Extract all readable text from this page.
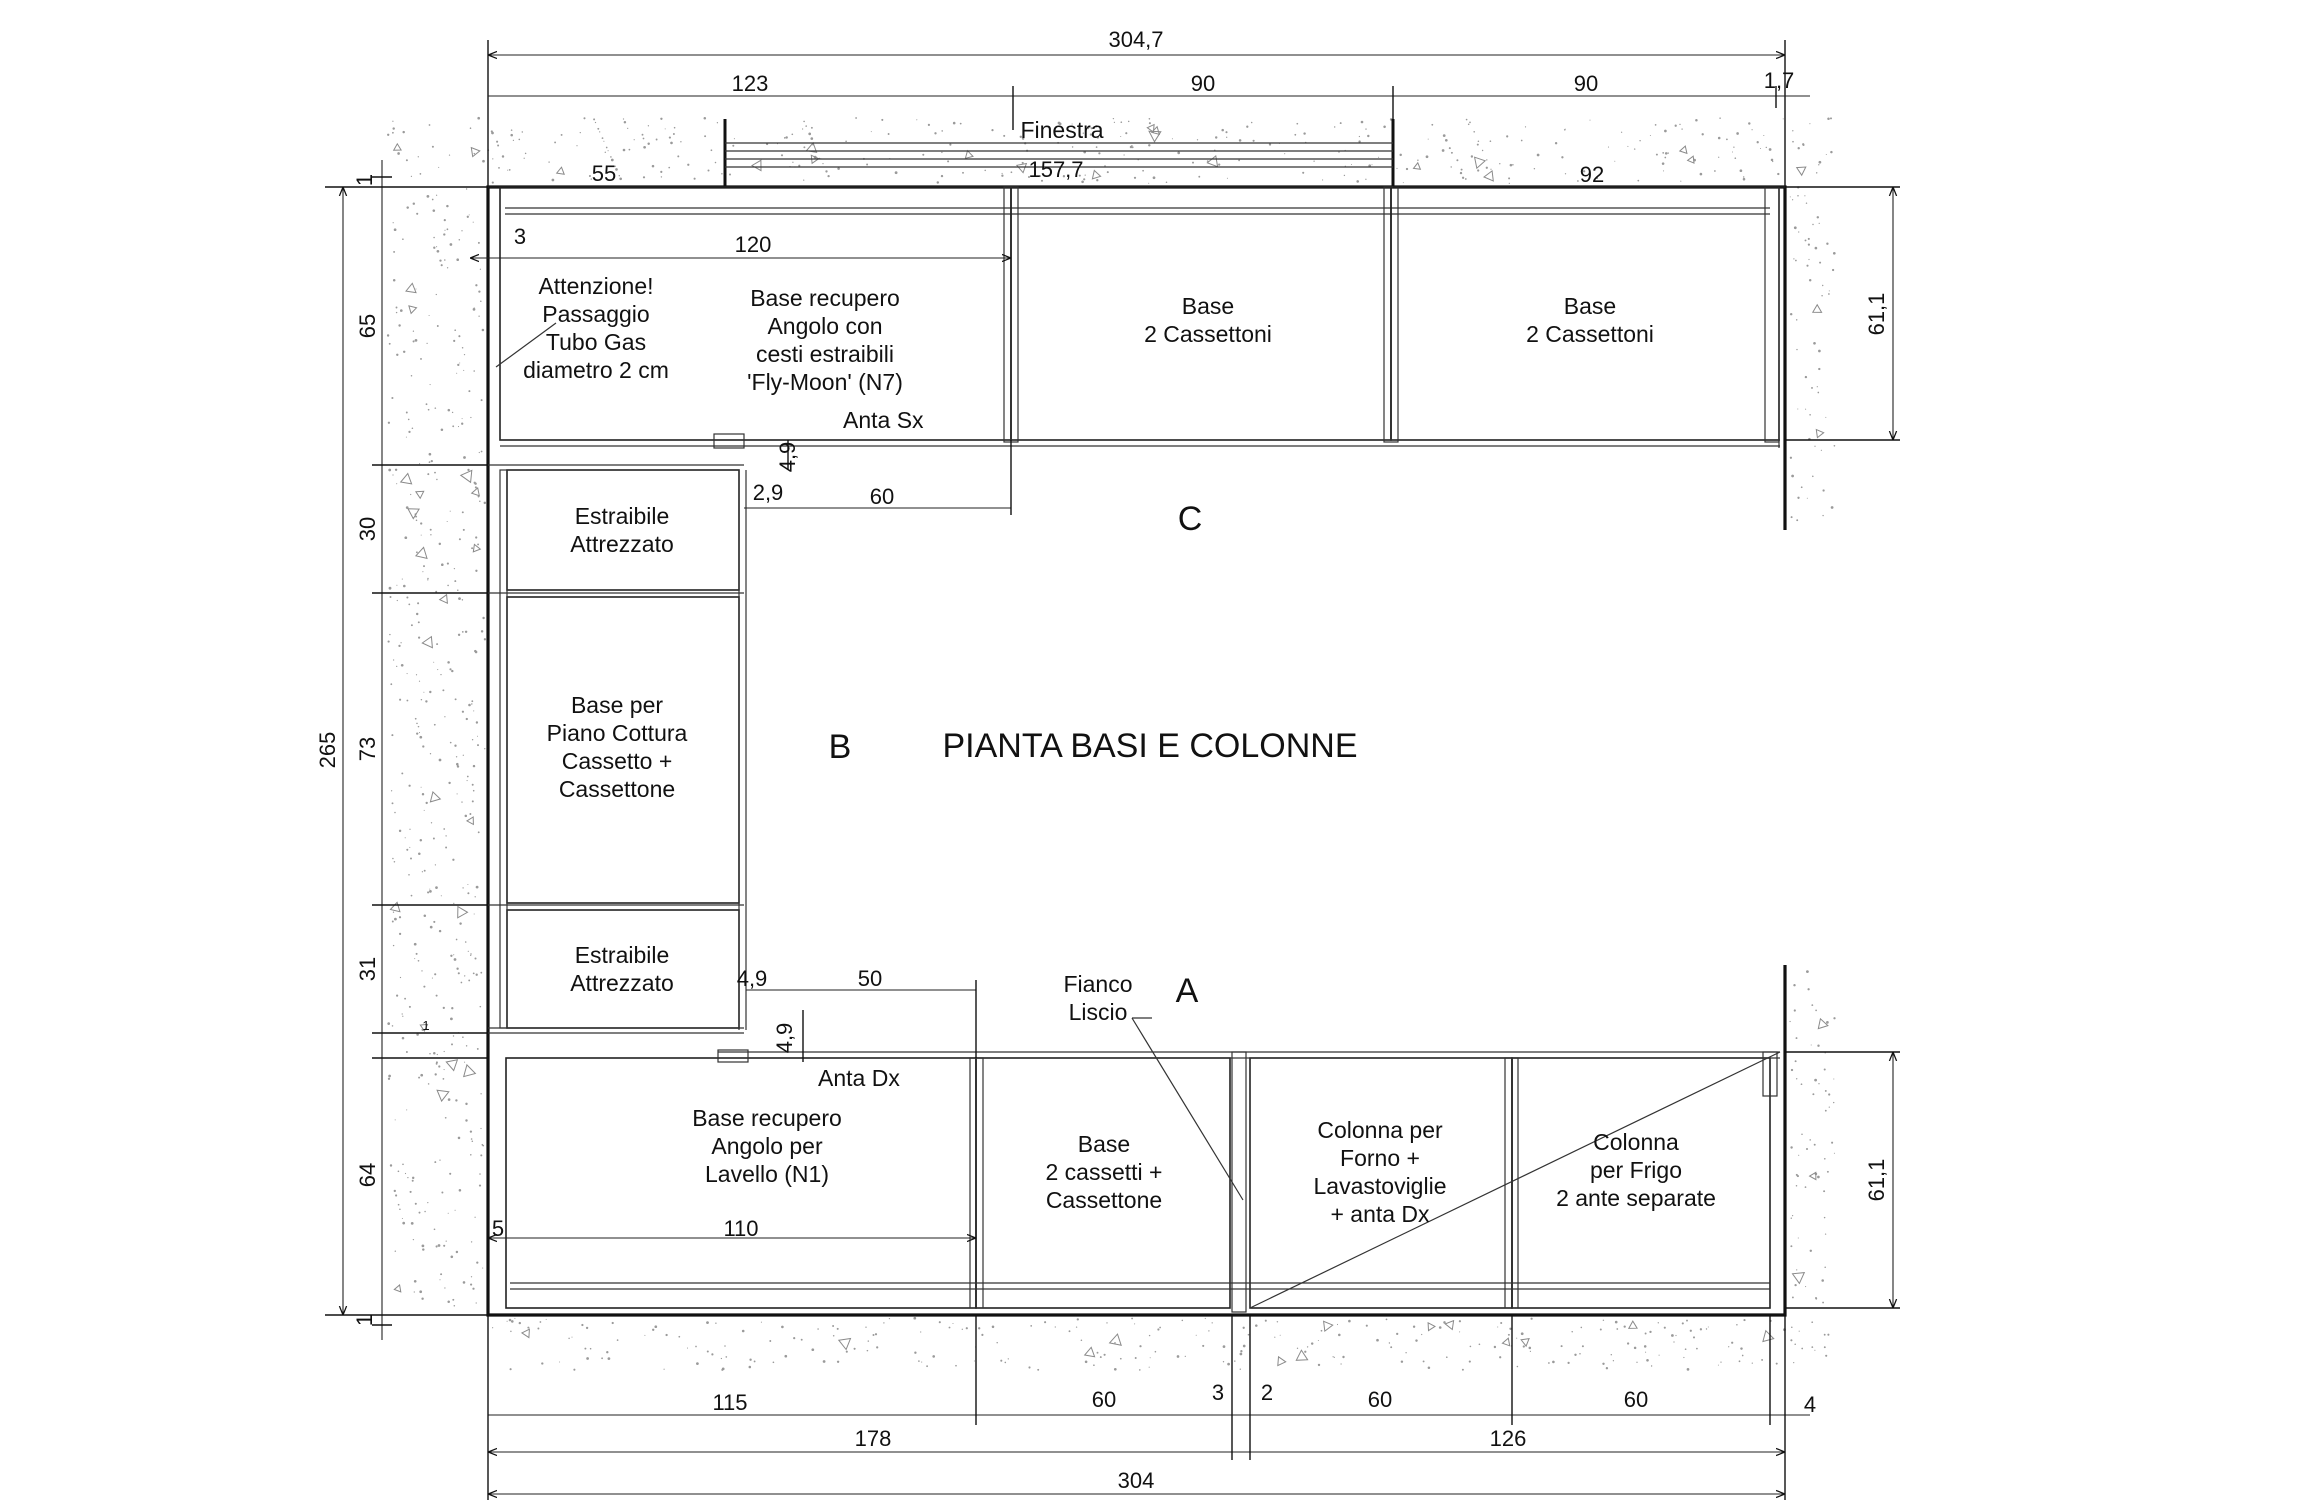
Finestra
Attenzione!
Passaggio
Tubo Gas
diametro 2 cm
Base recupero
Angolo con
cesti estraibili
'Fly-Moon' (N7)
Base
2 Cassettoni
Base
2 Cassettoni
Estraibile
Attrezzato
Base per
Piano Cottura
Cassetto +
Cassettone
Estraibile
Attrezzato
Base recupero
Angolo per
Lavello (N1)
Base
2 cassetti +
Cassettone
Colonna per
Forno +
Lavastoviglie
+ anta Dx
Colonna
per Frigo
2 ante separate
Anta Sx
Anta Dx
Fianco
Liscio
C
B
A
PIANTA BASI E COLONNE
304,7
123	90	90	1,7
55	157,7	92
3	120
4,9
2,9	60
4,9	50
4,9
5	110
1
65
30
73
31
1
64
1
265
61,1
61,1
115	60	3 2	60	60	4
178	126
304
